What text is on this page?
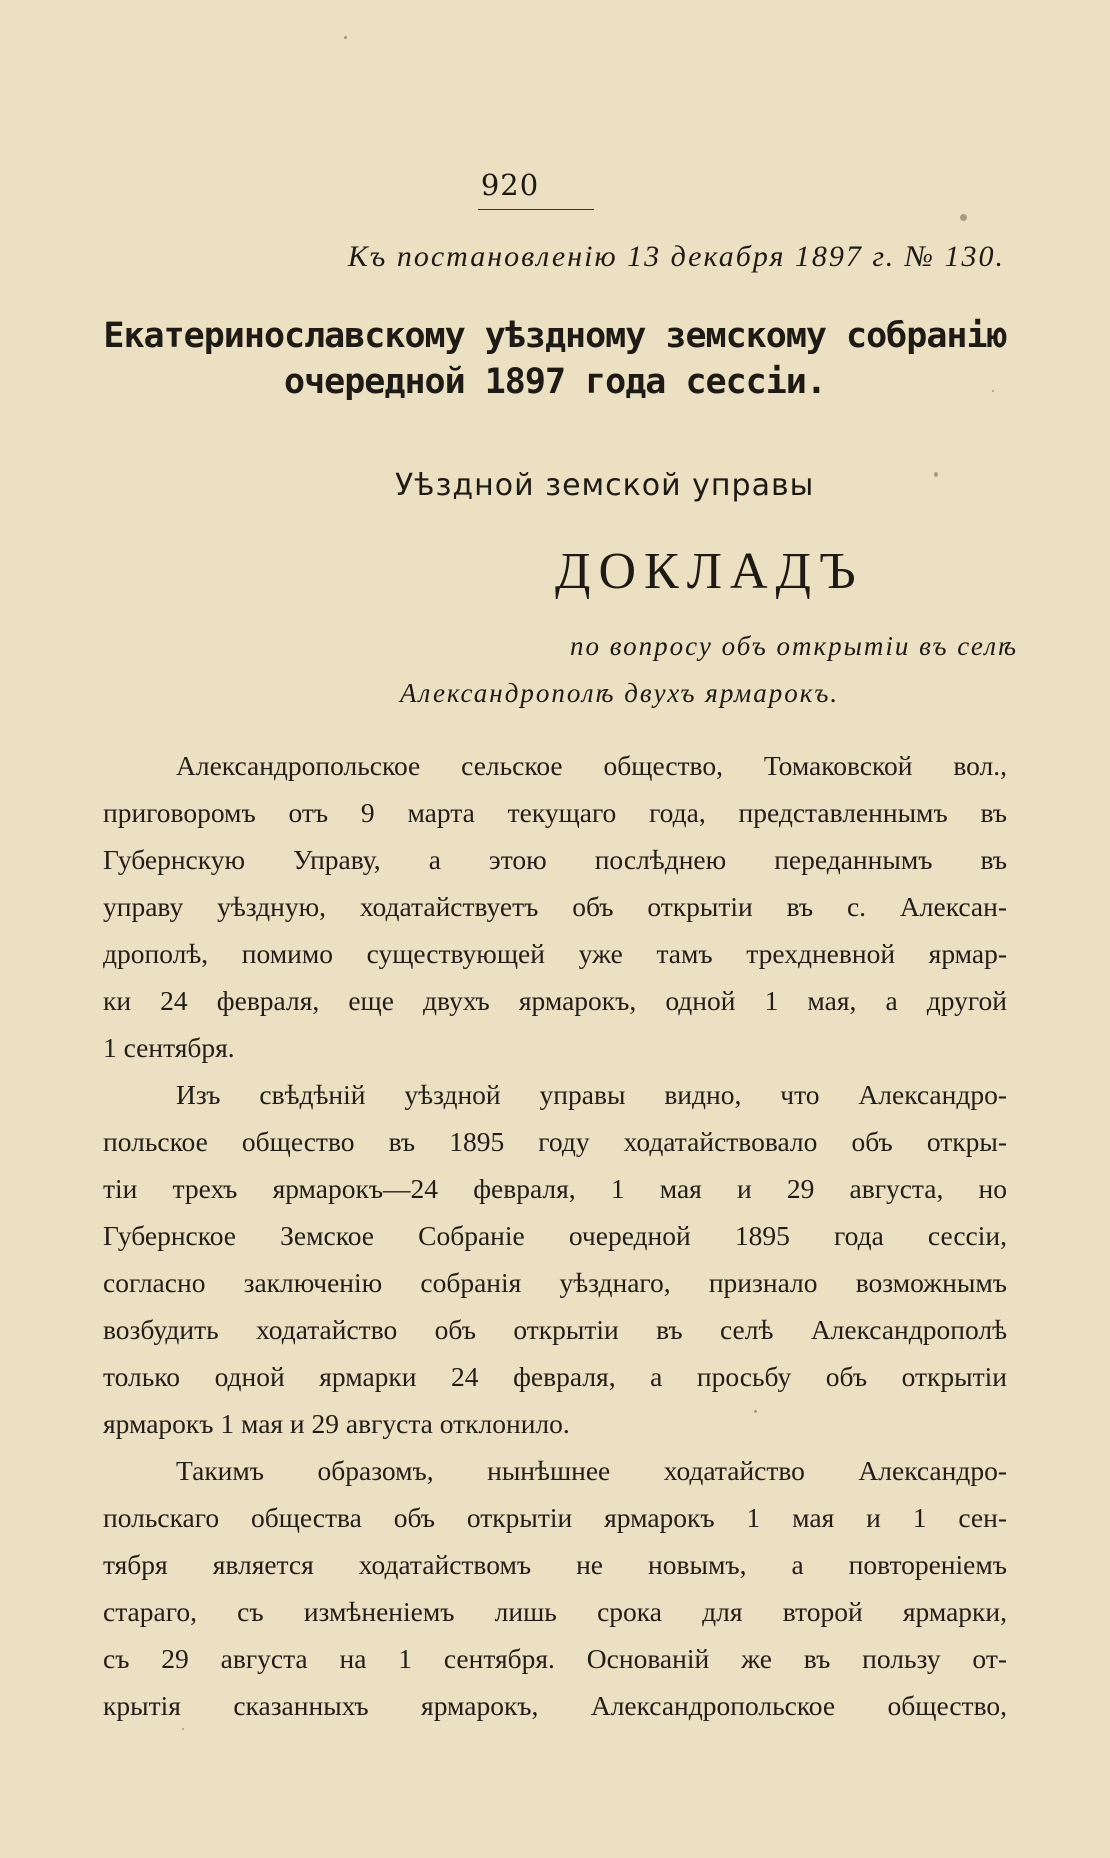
920
Къ постановленію 13 декабря 1897 г. № 130.
Екатеринославскому уѣздному земскому собранію
очередной 1897 года сессіи.
Уѣздной земской управы
ДОКЛАДЪ
по вопросу объ открытіи въ селѣ
Александрополѣ двухъ ярмарокъ.
Александропольское сельское общество, Томаковской вол.,
приговоромъ отъ 9 марта текущаго года, представленнымъ въ
Губернскую Управу, а этою послѣднею переданнымъ въ
управу уѣздную, ходатайствуетъ объ открытіи въ с. Алексан-
дрополѣ, помимо существующей уже тамъ трехдневной ярмар-
ки 24 февраля, еще двухъ ярмарокъ, одной 1 мая, а другой
1 сентября.
Изъ свѣдѣній уѣздной управы видно, что Александро-
польское общество въ 1895 году ходатайствовало объ откры-
тіи трехъ ярмарокъ—24 февраля, 1 мая и 29 августа, но
Губернское Земское Собраніе очередной 1895 года сессіи,
согласно заключенію собранія уѣзднаго, признало возможнымъ
возбудить ходатайство объ открытіи въ селѣ Александрополѣ
только одной ярмарки 24 февраля, а просьбу объ открытіи
ярмарокъ 1 мая и 29 августа отклонило.
Такимъ образомъ, нынѣшнее ходатайство Александро-
польскаго общества объ открытіи ярмарокъ 1 мая и 1 сен-
тября является ходатайствомъ не новымъ, а повтореніемъ
стараго, съ измѣненіемъ лишь срока для второй ярмарки,
съ 29 августа на 1 сентября. Основаній же въ пользу от-
крытія сказанныхъ ярмарокъ, Александропольское общество,
